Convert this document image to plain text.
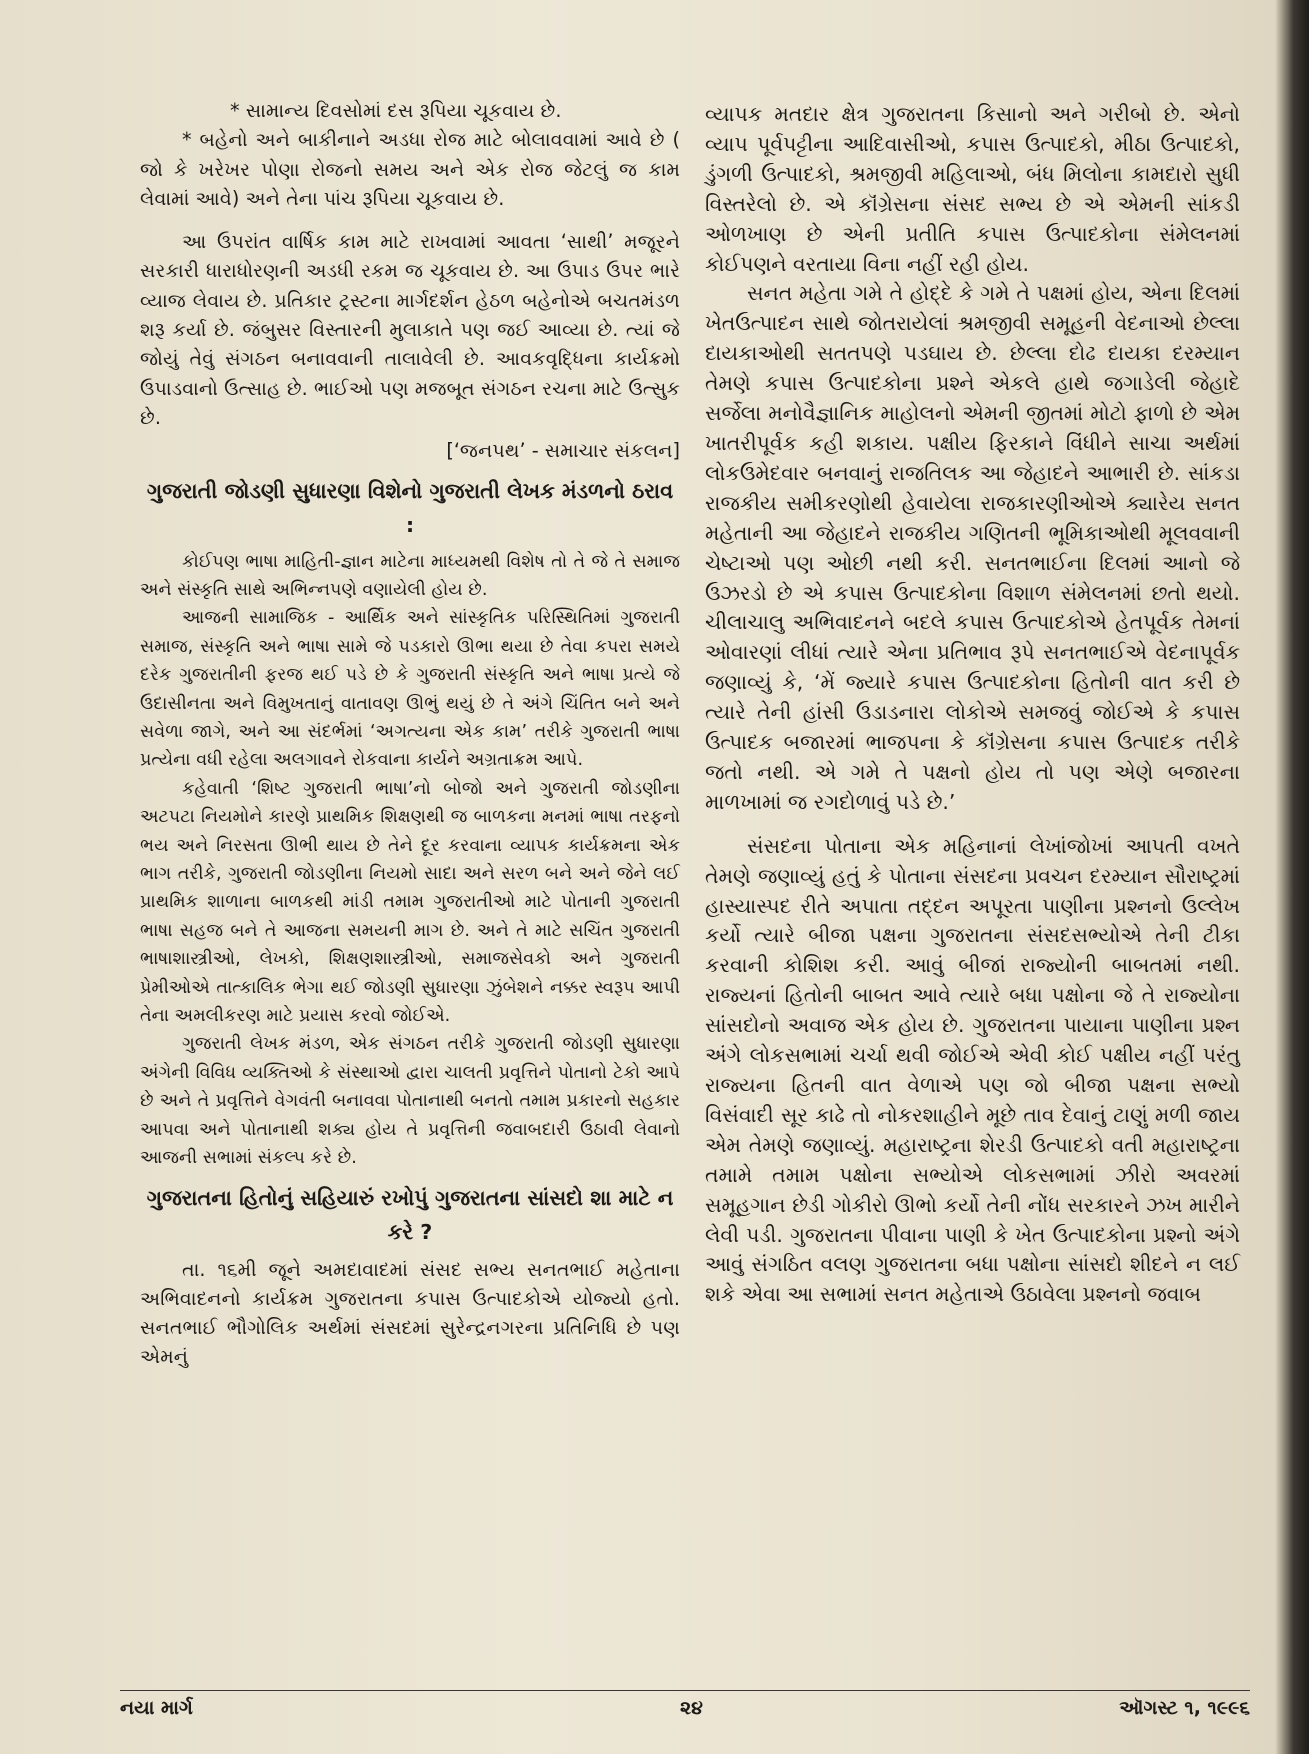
* સામાન્ય દિવસોમાં દસ રૂપિયા ચૂકવાય છે.

* બહેનો અને બાકીનાને અડધા રોજ માટે બોલાવવામાં આવે છે ( જો કે ખરેખર પોણા રોજનો સમય અને એક રોજ જેટલું જ કામ લેવામાં આવે) અને તેના પાંચ રૂપિયા ચૂકવાય છે.

આ ઉપરાંત વાર્ષિક કામ માટે રાખવામાં આવતા ‘સાથી’ મજૂરને સરકારી ધારાધોરણની અડધી રકમ જ ચૂકવાય છે. આ ઉપાડ ઉપર ભારે વ્યાજ લેવાય છે. પ્રતિકાર ટ્રસ્ટના માર્ગદર્શન હેઠળ બહેનોએ બચતમંડળ શરૂ કર્યા છે. જંબુસર વિસ્તારની મુલાકાતે પણ જઈ આવ્યા છે. ત્યાં જે જોયું તેવું સંગઠન બનાવવાની તાલાવેલી છે. આવકવૃદ્ધિના કાર્યક્રમો ઉપાડવાનો ઉત્સાહ છે. ભાઈઓ પણ મજબૂત સંગઠન રચના માટે ઉત્સુક છે.

[‘જનપથ’ - સમાચાર સંકલન]
ગુજરાતી જોડણી સુધારણા વિશેનો ગુજરાતી લેખક મંડળનો ઠરાવ :

કોઈપણ ભાષા માહિતી-જ્ઞાન માટેના માધ્યમથી વિશેષ તો તે જે તે સમાજ અને સંસ્કૃતિ સાથે અભિન્નપણે વણાયેલી હોય છે.

આજની સામાજિક - આર્થિક અને સાંસ્કૃતિક પરિસ્થિતિમાં ગુજરાતી સમાજ, સંસ્કૃતિ અને ભાષા સામે જે પડકારો ઊભા થયા છે તેવા કપરા સમયે દરેક ગુજરાતીની ફરજ થઈ પડે છે કે ગુજરાતી સંસ્કૃતિ અને ભાષા પ્રત્યે જે ઉદાસીનતા અને વિમુખતાનું વાતાવણ ઊભું થયું છે તે અંગે ચિંતિત બને અને સવેળા જાગે, અને આ સંદર્ભમાં ‘અગત્યના એક કામ’ તરીકે ગુજરાતી ભાષા પ્રત્યેના વધી રહેલા અલગાવને રોકવાના કાર્યને અગ્રતાક્રમ આપે.

કહેવાતી ‘શિષ્ટ ગુજરાતી ભાષા’નો બોજો અને ગુજરાતી જોડણીના અટપટા નિયમોને કારણે પ્રાથમિક શિક્ષણથી જ બાળકના મનમાં ભાષા તરફનો ભય અને નિરસતા ઊભી થાય છે તેને દૂર કરવાના વ્યાપક કાર્યક્રમના એક ભાગ તરીકે, ગુજરાતી જોડણીના નિયમો સાદા અને સરળ બને અને જેને લઈ પ્રાથમિક શાળાના બાળકથી માંડી તમામ ગુજરાતીઓ માટે પોતાની ગુજરાતી ભાષા સહજ બને તે આજના સમયની માગ છે. અને તે માટે સચિંત ગુજરાતી ભાષાશાસ્ત્રીઓ, લેખકો, શિક્ષણશાસ્ત્રીઓ, સમાજસેવકો અને ગુજરાતી પ્રેમીઓએ તાત્કાલિક ભેગા થઈ જોડણી સુધારણા ઝુંબેશને નક્કર સ્વરૂપ આપી તેના અમલીકરણ માટે પ્રયાસ કરવો જોઈએ.

ગુજરાતી લેખક મંડળ, એક સંગઠન તરીકે ગુજરાતી જોડણી સુધારણા અંગેની વિવિધ વ્યક્તિઓ કે સંસ્થાઓ દ્વારા ચાલતી પ્રવૃત્તિને પોતાનો ટેકો આપે છે અને તે પ્રવૃત્તિને વેગવંતી બનાવવા પોતાનાથી બનતો તમામ પ્રકારનો સહકાર આપવા અને પોતાનાથી શક્ય હોય તે પ્રવૃત્તિની જવાબદારી ઉઠાવી લેવાનો આજની સભામાં સંકલ્પ કરે છે.

ગુજરાતના હિતોનું સહિયારું રખોપું ગુજરાતના સાંસદો શા માટે ન કરે ?

તા. ૧૬મી જૂને અમદાવાદમાં સંસદ સભ્ય સનતભાઈ મહેતાના અભિવાદનનો કાર્યક્રમ ગુજરાતના કપાસ ઉત્પાદકોએ યોજ્યો હતો. સનતભાઈ ભૌગોલિક અર્થમાં સંસદમાં સુરેન્દ્રનગરના પ્રતિનિધિ છે પણ એમનું

વ્યાપક મતદાર ક્ષેત્ર ગુજરાતના કિસાનો અને ગરીબો છે. એનો વ્યાપ પૂર્વપટ્ટીના આદિવાસીઓ, કપાસ ઉત્પાદકો, મીઠા ઉત્પાદકો, ડુંગળી ઉત્પાદકો, શ્રમજીવી મહિલાઓ, બંધ મિલોના કામદારો સુધી વિસ્તરેલો છે. એ કૉંગ્રેસના સંસદ સભ્ય છે એ એમની સાંકડી ઓળખાણ છે એની પ્રતીતિ કપાસ ઉત્પાદકોના સંમેલનમાં કોઈપણને વરતાયા વિના નહીં રહી હોય.

સનત મહેતા ગમે તે હોદ્દે કે ગમે તે પક્ષમાં હોય, એના દિલમાં ખેતઉત્પાદન સાથે જોતરાયેલાં શ્રમજીવી સમૂહની વેદનાઓ છેલ્લા દાયકાઓથી સતતપણે પડઘાય છે. છેલ્લા દોઢ દાયકા દરમ્યાન તેમણે કપાસ ઉત્પાદકોના પ્રશ્ને એકલે હાથે જગાડેલી જેહાદે સર્જેલા મનોવૈજ્ઞાનિક માહોલનો એમની જીતમાં મોટો ફાળો છે એમ ખાતરીપૂર્વક કહી શકાય. પક્ષીય ફિરકાને વિંધીને સાચા અર્થમાં લોકઉમેદવાર બનવાનું રાજતિલક આ જેહાદને આભારી છે. સાંકડા રાજકીય સમીકરણોથી હેવાયેલા રાજકારણીઓએ ક્યારેય સનત મહેતાની આ જેહાદને રાજકીય ગણિતની ભૂમિકાઓથી મૂલવવાની ચેષ્ટાઓ પણ ઓછી નથી કરી. સનતભાઈના દિલમાં આનો જે ઉઝરડો છે એ કપાસ ઉત્પાદકોના વિશાળ સંમેલનમાં છતો થયો. ચીલાચાલુ અભિવાદનને બદલે કપાસ ઉત્પાદકોએ હેતપૂર્વક તેમનાં ઓવારણાં લીધાં ત્યારે એના પ્રતિભાવ રૂપે સનતભાઈએ વેદનાપૂર્વક જણાવ્યું કે, ‘મેં જ્યારે કપાસ ઉત્પાદકોના હિતોની વાત કરી છે ત્યારે તેની હાંસી ઉડાડનારા લોકોએ સમજવું જોઈએ કે કપાસ ઉત્પાદક બજારમાં ભાજપના કે કૉંગ્રેસના કપાસ ઉત્પાદક તરીકે જતો નથી. એ ગમે તે પક્ષનો હોય તો પણ એણે બજારના માળખામાં જ રગદોળાવું પડે છે.’

સંસદના પોતાના એક મહિનાનાં લેખાંજોખાં આપતી વખતે તેમણે જણાવ્યું હતું કે પોતાના સંસદના પ્રવચન દરમ્યાન સૌરાષ્ટ્રમાં હાસ્યાસ્પદ રીતે અપાતા તદ્દન અપૂરતા પાણીના પ્રશ્નનો ઉલ્લેખ કર્યો ત્યારે બીજા પક્ષના ગુજરાતના સંસદસભ્યોએ તેની ટીકા કરવાની કોશિશ કરી. આવું બીજાં રાજ્યોની બાબતમાં નથી. રાજ્યનાં હિતોની બાબત આવે ત્યારે બધા પક્ષોના જે તે રાજ્યોના સાંસદોનો અવાજ એક હોય છે. ગુજરાતના પાયાના પાણીના પ્રશ્ન અંગે લોકસભામાં ચર્ચા થવી જોઈએ એવી કોઈ પક્ષીય નહીં પરંતુ રાજ્યના હિતની વાત વેળાએ પણ જો બીજા પક્ષના સભ્યો વિસંવાદી સૂર કાઢે તો નોકરશાહીને મૂછે તાવ દેવાનું ટાણું મળી જાય એમ તેમણે જણાવ્યું. મહારાષ્ટ્રના શેરડી ઉત્પાદકો વતી મહારાષ્ટ્રના તમામે તમામ પક્ષોના સભ્યોએ લોકસભામાં ઝીરો અવરમાં સમૂહગાન છેડી ગોકીરો ઊભો કર્યો તેની નોંધ સરકારને ઝખ મારીને લેવી પડી. ગુજરાતના પીવાના પાણી કે ખેત ઉત્પાદકોના પ્રશ્નો અંગે આવું સંગઠિત વલણ ગુજરાતના બધા પક્ષોના સાંસદો શીદને ન લઈ શકે એવા આ સભામાં સનત મહેતાએ ઉઠાવેલા પ્રશ્નનો જવાબ

નયા માર્ગ	૨૪	ઑગસ્ટ ૧, ૧૯૯૬
